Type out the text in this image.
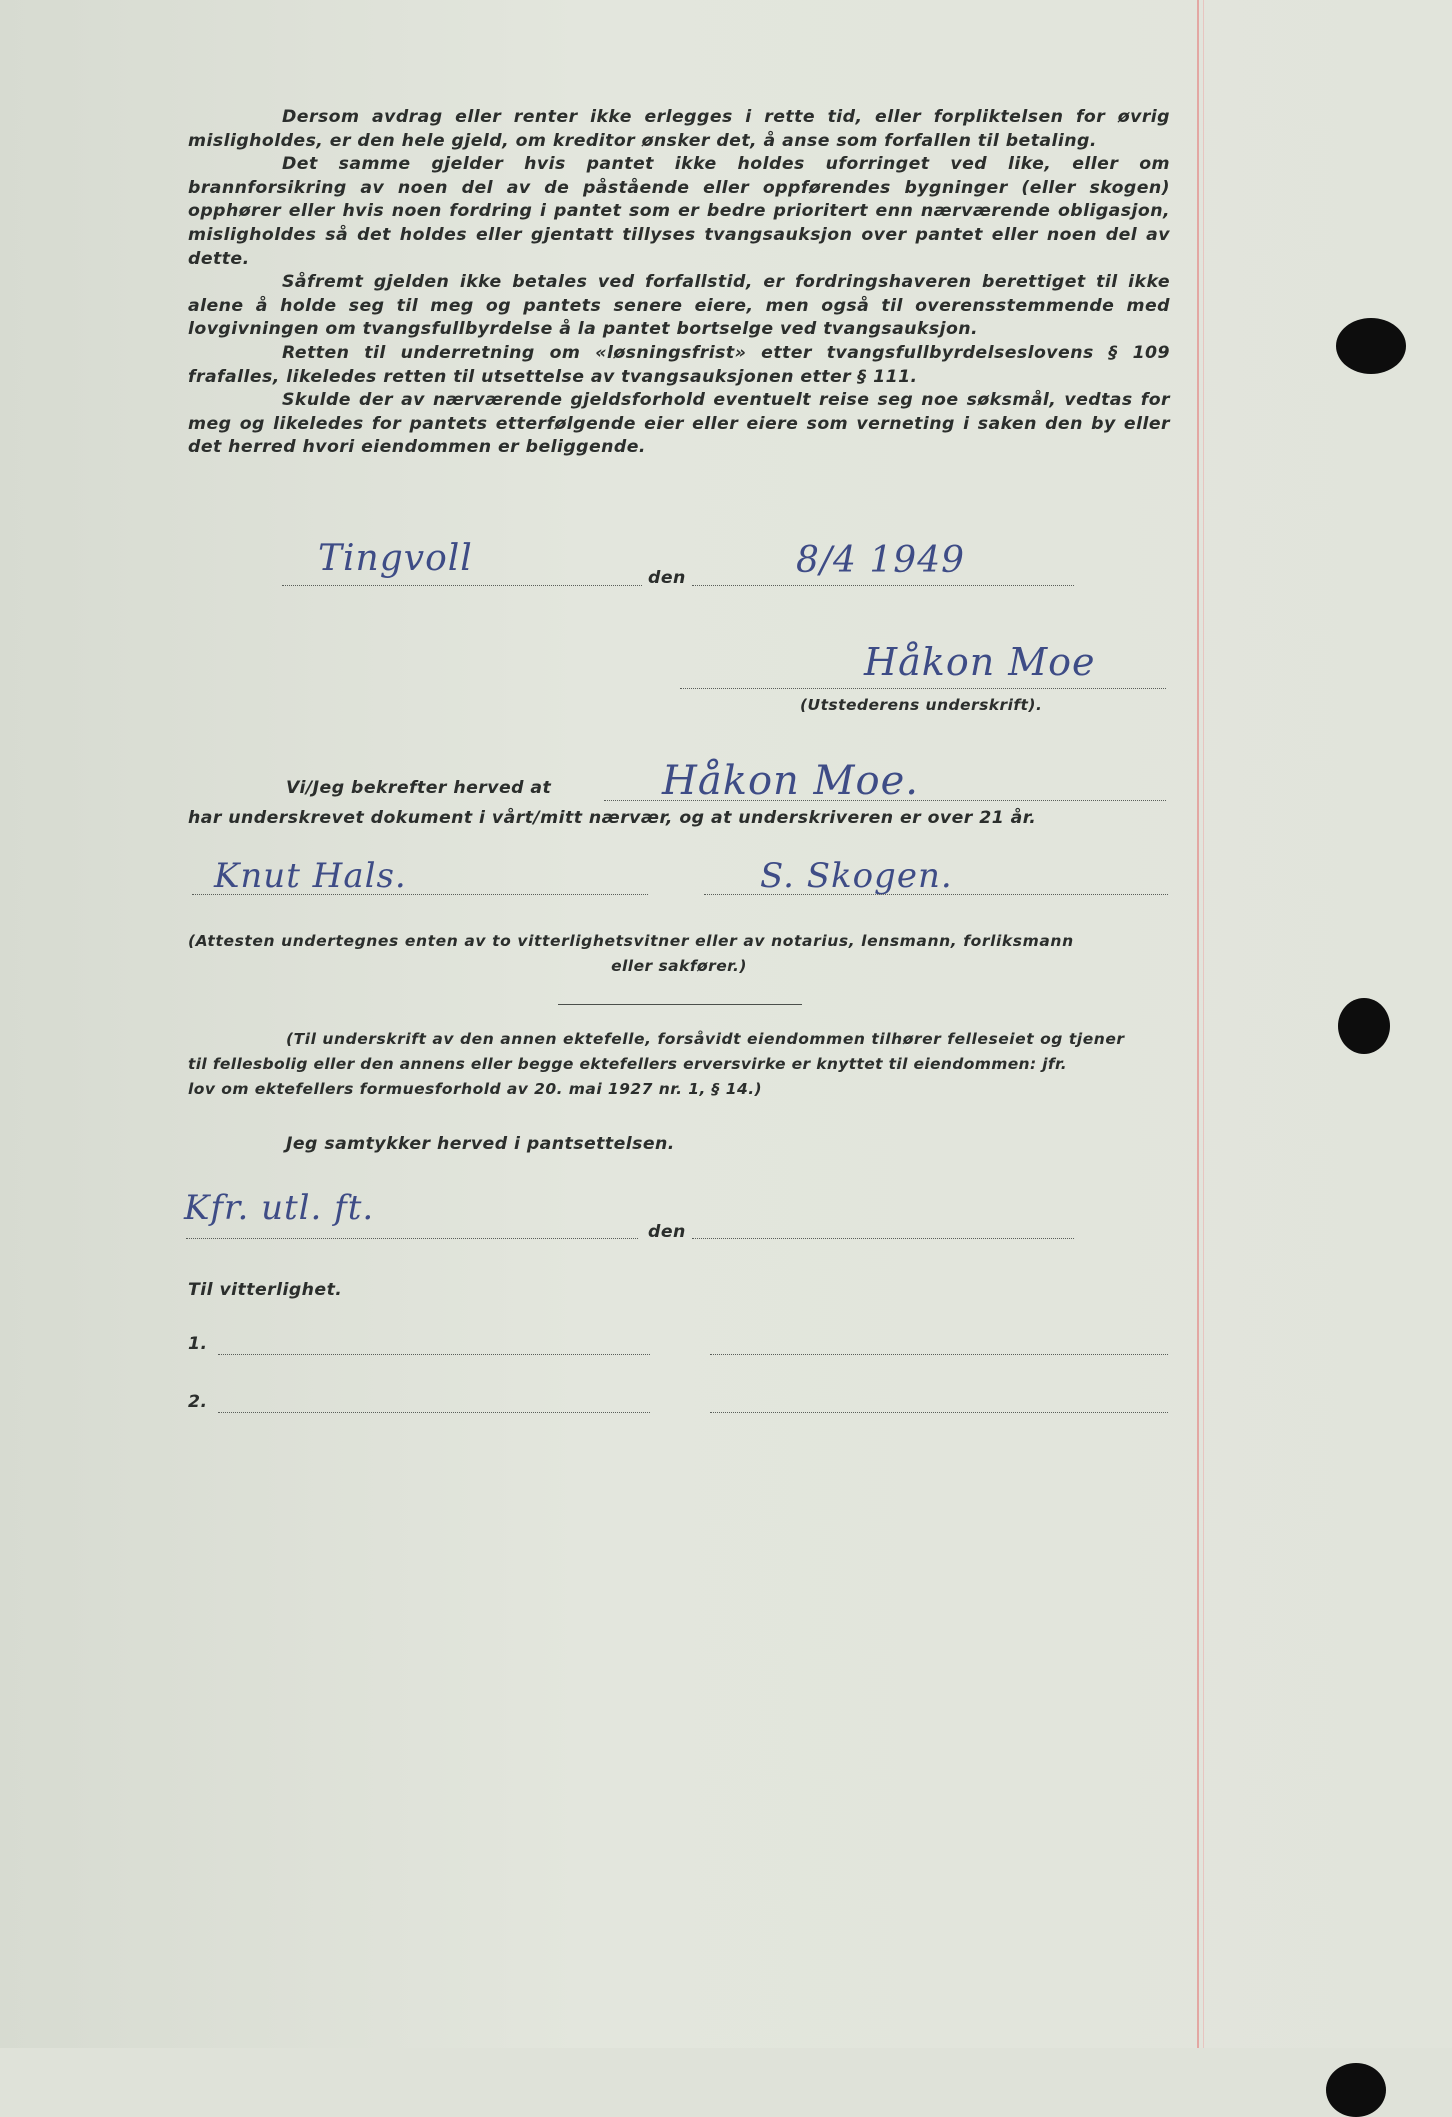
Dersom avdrag eller renter ikke erlegges i rette tid, eller forpliktelsen for øvrig misligholdes, er den hele gjeld, om kreditor ønsker det, å anse som forfallen til betaling.

Det samme gjelder hvis pantet ikke holdes uforringet ved like, eller om brannforsikring av noen del av de påstående eller oppførendes bygninger (eller skogen) opphører eller hvis noen fordring i pantet som er bedre prioritert enn nærværende obligasjon, misligholdes så det holdes eller gjentatt tillyses tvangsauksjon over pantet eller noen del av dette.

Såfremt gjelden ikke betales ved forfallstid, er fordringshaveren berettiget til ikke alene å holde seg til meg og pantets senere eiere, men også til overensstemmende med lovgivningen om tvangsfullbyrdelse å la pantet bortselge ved tvangsauksjon.

Retten til underretning om «løsningsfrist» etter tvangsfullbyrdelseslovens § 109 frafalles, likeledes retten til utsettelse av tvangsauksjonen etter § 111.

Skulde der av nærværende gjeldsforhold eventuelt reise seg noe søksmål, vedtas for meg og likeledes for pantets etterfølgende eier eller eiere som verneting i saken den by eller det herred hvori eiendommen er beliggende.

Tingvoll	den	8/4 1949
Håkon Moe
(Utstederens underskrift).
Vi/Jeg bekrefter herved at	Håkon Moe.
har underskrevet dokument i vårt/mitt nærvær, og at underskriveren er over 21 år.
Knut Hals.	S. Skogen.
(Attesten undertegnes enten av to vitterlighetsvitner eller av notarius, lensmann, forliksmann
eller sakfører.)
(Til underskrift av den annen ektefelle, forsåvidt eiendommen tilhører felleseiet og tjener
til fellesbolig eller den annens eller begge ektefellers erversvirke er knyttet til eiendommen: jfr.
lov om ektefellers formuesforhold av 20. mai 1927 nr. 1, § 14.)
Jeg samtykker herved i pantsettelsen.
Kfr. utl. ft.
den
Til vitterlighet.
1.
2.
